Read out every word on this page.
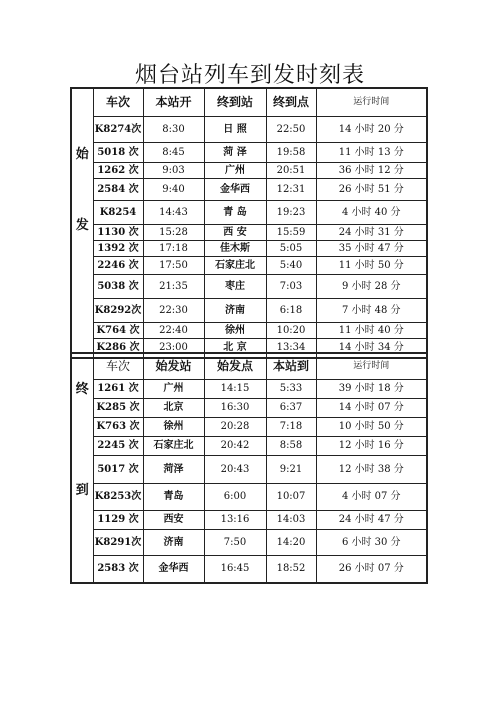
烟台站列车到发时刻表
始
发	车次	本站开	终到站	终到点	运行时间
	K8274次	8:30	日 照	22:50	14 小时 20 分
	5018 次	8:45	菏 泽	19:58	11 小时 13 分
	1262 次	9:03	广州	20:51	36 小时 12 分
	2584 次	9:40	金华西	12:31	26 小时 51 分
	K8254	14:43	青 岛	19:23	4 小时 40 分
	1130 次	15:28	西 安	15:59	24 小时 31 分
	1392 次	17:18	佳木斯	5:05	35 小时 47 分
	2246 次	17:50	石家庄北	5:40	11 小时 50 分
	5038 次	21:35	枣庄	7:03	9 小时 28 分
	K8292次	22:30	济南	6:18	7 小时 48 分
	K764 次	22:40	徐州	10:20	11 小时 40 分
	K286 次	23:00	北 京	13:34	14 小时 34 分
终
到	车次	始发站	始发点	本站到	运行时间
	1261 次	广州	14:15	5:33	39 小时 18 分
	K285 次	北京	16:30	6:37	14 小时 07 分
	K763 次	徐州	20:28	7:18	10 小时 50 分
	2245 次	石家庄北	20:42	8:58	12 小时 16 分
	5017 次	菏泽	20:43	9:21	12 小时 38 分
	K8253次	青岛	6:00	10:07	4 小时 07 分
	1129 次	西安	13:16	14:03	24 小时 47 分
	K8291次	济南	7:50	14:20	6 小时 30 分
	2583 次	金华西	16:45	18:52	26 小时 07 分
